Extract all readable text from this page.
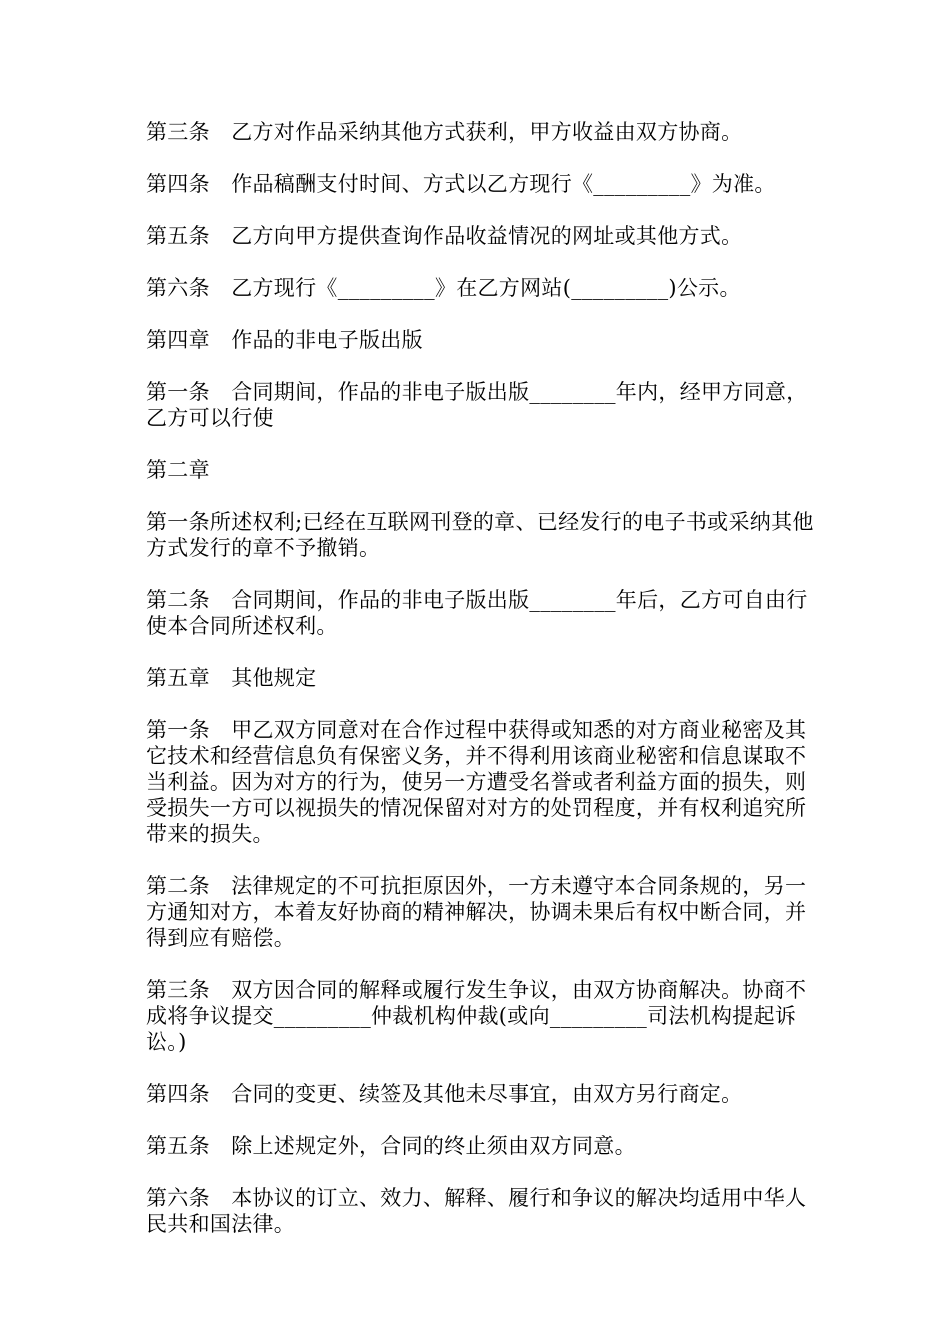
第三条　乙方对作品采纳其他方式获利，甲方收益由双方协商。

第四条　作品稿酬支付时间、方式以乙方现行《_________》为准。

第五条　乙方向甲方提供查询作品收益情况的网址或其他方式。

第六条　乙方现行《_________》在乙方网站(_________)公示。

第四章　作品的非电子版出版

第一条　合同期间，作品的非电子版出版________年内，经甲方同意，乙方可以行使

第二章

第一条所述权利;已经在互联网刊登的章、已经发行的电子书或采纳其他方式发行的章不予撤销。

第二条　合同期间，作品的非电子版出版________年后，乙方可自由行使本合同所述权利。

第五章　其他规定

第一条　甲乙双方同意对在合作过程中获得或知悉的对方商业秘密及其它技术和经营信息负有保密义务，并不得利用该商业秘密和信息谋取不当利益。因为对方的行为，使另一方遭受名誉或者利益方面的损失，则受损失一方可以视损失的情况保留对对方的处罚程度，并有权利追究所带来的损失。

第二条　法律规定的不可抗拒原因外，一方未遵守本合同条规的，另一方通知对方，本着友好协商的精神解决，协调未果后有权中断合同，并得到应有赔偿。

第三条　双方因合同的解释或履行发生争议，由双方协商解决。协商不成将争议提交_________仲裁机构仲裁(或向_________司法机构提起诉讼。)

第四条　合同的变更、续签及其他未尽事宜，由双方另行商定。

第五条　除上述规定外，合同的终止须由双方同意。

第六条　本协议的订立、效力、解释、履行和争议的解决均适用中华人民共和国法律。
